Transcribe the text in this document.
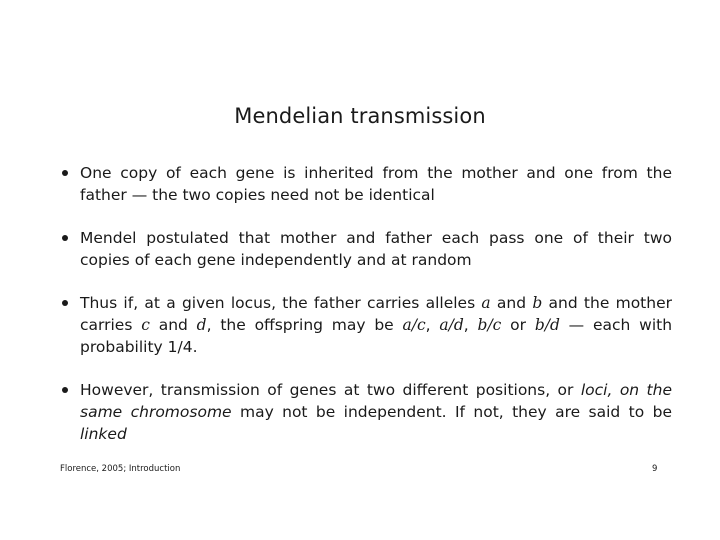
Mendelian transmission
One copy of each gene is inherited from the mother and one from the father — the two copies need not be identical
Mendel postulated that mother and father each pass one of their two copies of each gene independently and at random
Thus if, at a given locus, the father carries alleles a and b and the mother carries c and d, the offspring may be a/c, a/d, b/c or b/d — each with probability 1/4.
However, transmission of genes at two different positions, or loci, on the same chromosome may not be independent. If not, they are said to be linked
Florence, 2005; Introduction	9
